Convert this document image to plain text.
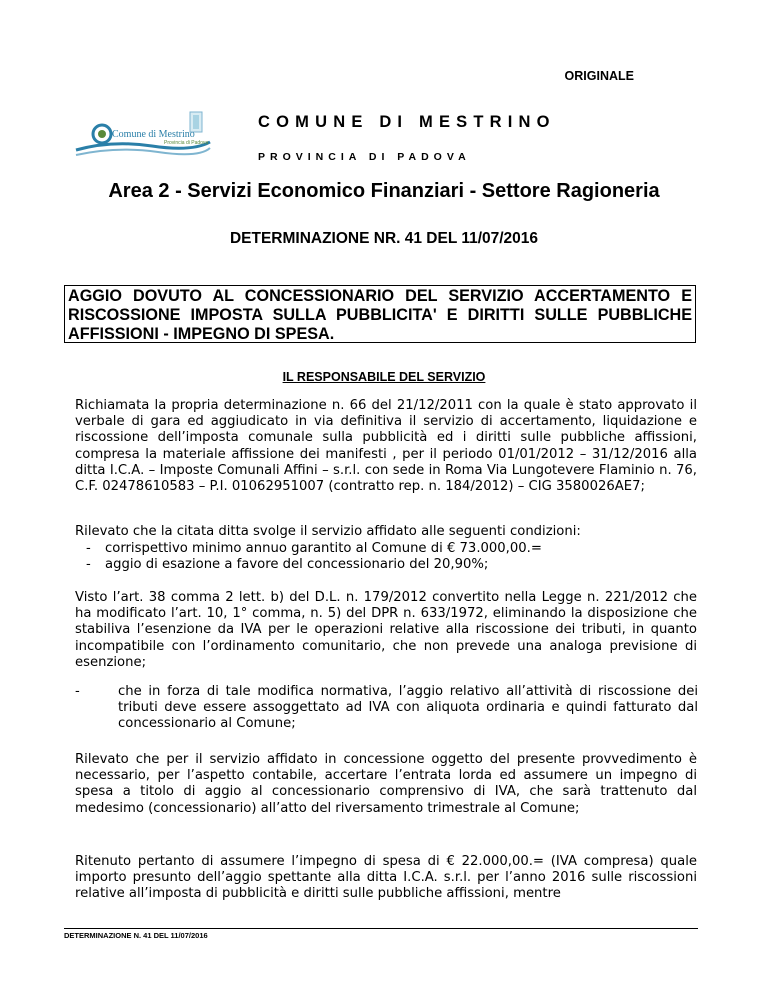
ORIGINALE
Comune di Mestrino
Provincia di Padova
COMUNE DI MESTRINO
PROVINCIA DI PADOVA
Area 2 - Servizi Economico Finanziari - Settore Ragioneria
DETERMINAZIONE NR. 41 DEL 11/07/2016
AGGIO DOVUTO AL CONCESSIONARIO DEL SERVIZIO ACCERTAMENTO E RISCOSSIONE IMPOSTA SULLA PUBBLICITA' E DIRITTI SULLE PUBBLICHE AFFISSIONI - IMPEGNO DI SPESA.
IL RESPONSABILE DEL SERVIZIO
Richiamata la propria determinazione n. 66 del 21/12/2011 con la quale è stato approvato il verbale di gara ed aggiudicato in via definitiva il servizio di accertamento, liquidazione e riscossione dell’imposta comunale sulla pubblicità ed i diritti sulle pubbliche affissioni, compresa la materiale affissione dei manifesti , per il periodo 01/01/2012 – 31/12/2016 alla ditta I.C.A. – Imposte Comunali Affini – s.r.l. con sede in Roma Via Lungotevere Flaminio n. 76, C.F. 02478610583 – P.I. 01062951007 (contratto rep. n. 184/2012) – CIG 3580026AE7;
Rilevato che la citata ditta svolge il servizio affidato alle seguenti condizioni:
- corrispettivo minimo annuo garantito al Comune di € 73.000,00.=
- aggio di esazione a favore del concessionario del 20,90%;
Visto l’art. 38 comma 2 lett. b) del D.L. n. 179/2012 convertito nella Legge n. 221/2012 che ha modificato l’art. 10, 1° comma, n. 5) del DPR n. 633/1972, eliminando la disposizione che stabiliva l’esenzione da IVA per le operazioni relative alla riscossione dei tributi, in quanto incompatibile con l’ordinamento comunitario, che non prevede una analoga previsione di esenzione;
-	che in forza di tale modifica normativa, l’aggio relativo all’attività di riscossione dei tributi deve essere assoggettato ad IVA con aliquota ordinaria e quindi fatturato dal concessionario al Comune;
Rilevato che per il servizio affidato in concessione oggetto del presente provvedimento è necessario, per l’aspetto contabile, accertare l’entrata lorda ed assumere un impegno di spesa a titolo di aggio al concessionario comprensivo di IVA, che sarà trattenuto dal medesimo (concessionario) all’atto del riversamento trimestrale al Comune;
Ritenuto pertanto di assumere l’impegno di spesa di € 22.000,00.= (IVA compresa) quale importo presunto dell’aggio spettante alla ditta I.C.A. s.r.l. per l’anno 2016 sulle riscossioni relative all’imposta di pubblicità e diritti sulle pubbliche affissioni, mentre
DETERMINAZIONE N. 41 DEL 11/07/2016
